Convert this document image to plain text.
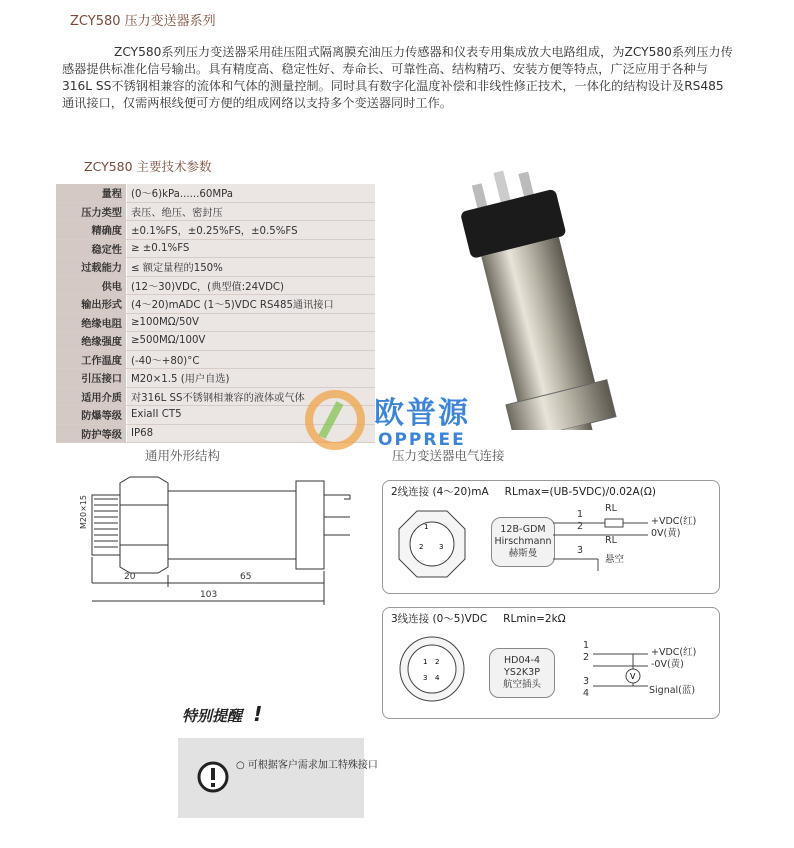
ZCY580 压力变送器系列

ZCY580系列压力变送器采用硅压阻式隔离膜充油压力传感器和仪表专用集成放大电路组成，为ZCY580系列压力传感器提供标准化信号输出。具有精度高、稳定性好、寿命长、可靠性高、结构精巧、安装方便等特点，广泛应用于各种与316L SS不锈钢相兼容的流体和气体的测量控制。同时具有数字化温度补偿和非线性修正技术，一体化的结构设计及RS485通讯接口，仅需两根线便可方便的组成网络以支持多个变送器同时工作。

ZCY580 主要技术参数
量程	(0～6)kPa......60MPa
压力类型	表压、绝压、密封压
精确度	±0.1%FS，±0.25%FS，±0.5%FS
稳定性	≥ ±0.1%FS
过载能力	≤ 额定量程的150%
供电	(12～30)VDC，(典型值:24VDC)
输出形式	(4～20)mADC (1～5)VDC RS485通讯接口
绝缘电阻	≥100MΩ/50V
绝缘强度	≥500MΩ/100V
工作温度	(-40～+80)°C
引压接口	M20×1.5 (用户自选)
适用介质	对316L SS不锈钢相兼容的液体或气体
防爆等级	ExiaII CT5
防护等级	IP68
欧普源
OPPREE
通用外形结构	压力变送器电气连接
M20×15
20	65
103
2线连接 (4～20)mA RLmax=(UB-5VDC)/0.02A(Ω)
1
2 3
12B-GDM
Hirschmann
赫斯曼
1
2
3
RL
RL
+VDC(红)
0V(黄)
悬空
3线连接 (0～5)VDC RLmin=2kΩ
1 2
3 4
HD04-4
YS2K3P
航空插头
1
2
3
4
+VDC(红)
-0V(黄)
Signal(蓝)
V
特别提醒 !
○ 可根据客户需求加工特殊接口
